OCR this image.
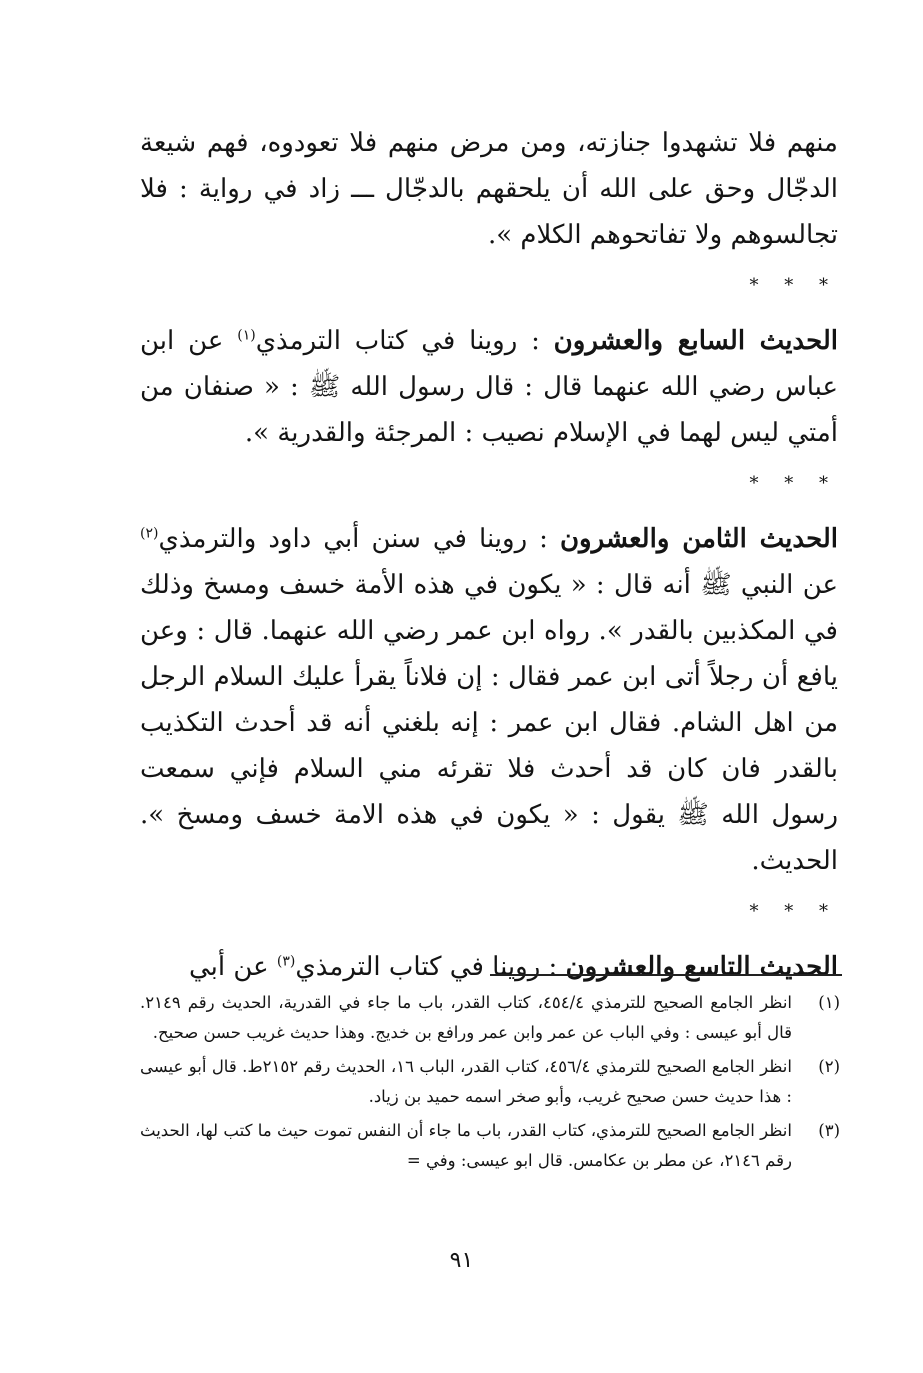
منهم فلا تشهدوا جنازته، ومن مرض منهم فلا تعودوه، فهم شيعة الدجّال وحق على الله أن يلحقهم بالدجّال ـــ زاد في رواية : فلا تجالسوهم ولا تفاتحوهم الكلام ».

* * *

الحديث السابع والعشرون : روينا في كتاب الترمذي$^{(١)}$ عن ابن عباس رضي الله عنهما قال : قال رسول الله ﷺ : « صنفان من أمتي ليس لهما في الإسلام نصيب : المرجئة والقدرية ».

* * *

الحديث الثامن والعشرون : روينا في سنن أبي داود والترمذي$^{(٢)}$ عن النبي ﷺ أنه قال : « يكون في هذه الأمة خسف ومسخ وذلك في المكذبين بالقدر ». رواه ابن عمر رضي الله عنهما. قال : وعن يافع أن رجلاً أتى ابن عمر فقال : إن فلاناً يقرأ عليك السلام الرجل من اهل الشام. فقال ابن عمر : إنه بلغني أنه قد أحدث التكذيب بالقدر فان كان قد أحدث فلا تقرئه مني السلام فإني سمعت رسول الله ﷺ يقول : « يكون في هذه الامة خسف ومسخ ». الحديث.

* * *

الحديث التاسع والعشرون : روينا في كتاب الترمذي$^{(٣)}$ عن أبي

(١)
انظر الجامع الصحيح للترمذي ٤٥٤/٤، كتاب القدر، باب ما جاء في القدرية، الحديث رقم ٢١٤٩. قال أبو عيسى : وفي الباب عن عمر وابن عمر ورافع بن خديج. وهذا حديث غريب حسن صحيح.
(٢)
انظر الجامع الصحيح للترمذي ٤٥٦/٤، كتاب القدر، الباب ١٦، الحديث رقم ٢١٥٢ط. قال أبو عيسى : هذا حديث حسن صحيح غريب، وأبو صخر اسمه حميد بن زياد.
(٣)
انظر الجامع الصحيح للترمذي، كتاب القدر، باب ما جاء أن النفس تموت حيث ما كتب لها، الحديث رقم ٢١٤٦، عن مطر بن عكامس. قال ابو عيسى: وفي =
٩١
